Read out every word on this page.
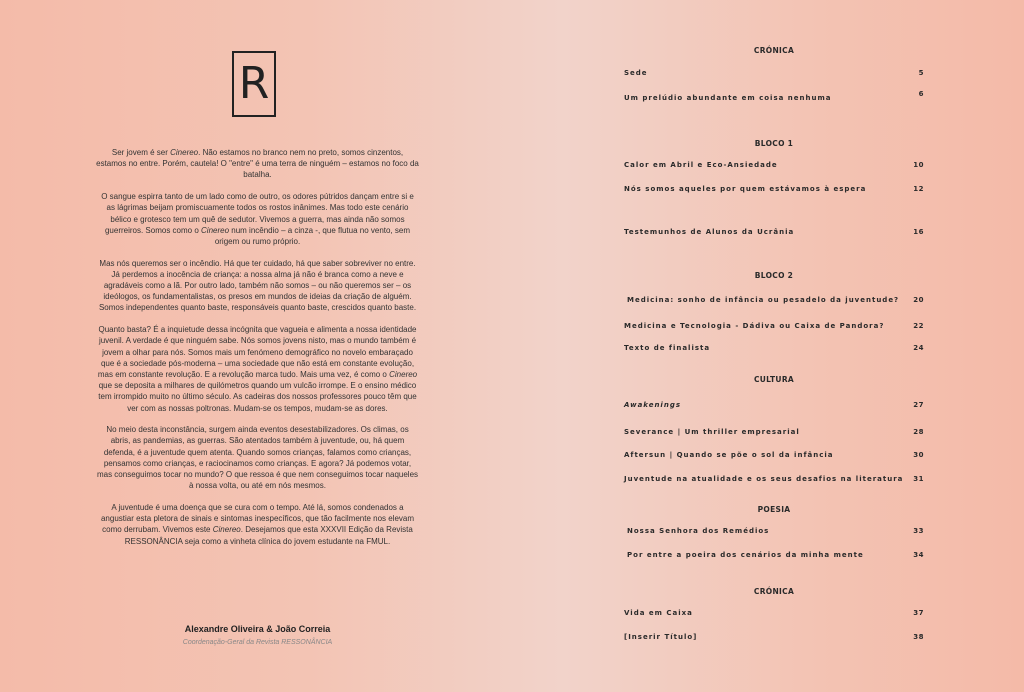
R

Ser jovem é ser Cinereo. Não estamos no branco nem no preto, somos cinzentos, estamos no entre. Porém, cautela! O "entre" é uma terra de ninguém – estamos no foco da batalha.

O sangue espirra tanto de um lado como de outro, os odores pútridos dançam entre si e as lágrimas beijam promiscuamente todos os rostos inânimes. Mas todo este cenário bélico e grotesco tem um quê de sedutor. Vivemos a guerra, mas ainda não somos guerreiros. Somos como o Cinereo num incêndio – a cinza -, que flutua no vento, sem origem ou rumo próprio.

Mas nós queremos ser o incêndio. Há que ter cuidado, há que saber sobreviver no entre. Já perdemos a inocência de criança: a nossa alma já não é branca como a neve e agradáveis como a lã. Por outro lado, também não somos – ou não queremos ser – os ideólogos, os fundamentalistas, os presos em mundos de ideias da criação de alguém. Somos independentes quanto baste, responsáveis quanto baste, crescidos quanto baste.

Quanto basta? É a inquietude dessa incógnita que vagueia e alimenta a nossa identidade juvenil. A verdade é que ninguém sabe. Nós somos jovens nisto, mas o mundo também é jovem a olhar para nós. Somos mais um fenómeno demográfico no novelo embaraçado que é a sociedade pós-moderna – uma sociedade que não está em constante evolução, mas em constante revolução. E a revolução marca tudo. Mais uma vez, é como o Cinereo que se deposita a milhares de quilómetros quando um vulcão irrompe. E o ensino médico tem irrompido muito no último século. As cadeiras dos nossos professores pouco têm que ver com as nossas poltronas. Mudam-se os tempos, mudam-se as dores.

No meio desta inconstância, surgem ainda eventos desestabilizadores. Os climas, os abris, as pandemias, as guerras. São atentados também à juventude, ou, há quem defenda, é a juventude quem atenta. Quando somos crianças, falamos como crianças, pensamos como crianças, e raciocinamos como crianças. E agora? Já podemos votar, mas conseguimos tocar no mundo? O que ressoa é que nem conseguimos tocar naqueles à nossa volta, ou até em nós mesmos.

A juventude é uma doença que se cura com o tempo. Até lá, somos condenados a angustiar esta pletora de sinais e sintomas inespecíficos, que tão facilmente nos elevam como derrubam. Vivemos este Cinereo. Desejamos que esta XXXVII Edição da Revista RESSONÂNCIA seja como a vinheta clínica do jovem estudante na FMUL.

Alexandre Oliveira & João Correia
Coordenação-Geral da Revista RESSONÂNCIA
CRÓNICA
Sede	5
Um prelúdio abundante em coisa nenhuma	6
BLOCO 1
Calor em Abril e Eco-Ansiedade	10
Nós somos aqueles por quem estávamos à espera	12
Testemunhos de Alunos da Ucrânia	16
BLOCO 2
Medicina: sonho de infância ou pesadelo da juventude? 20
Medicina e Tecnologia - Dádiva ou Caixa de Pandora?	22
Texto de finalista	24
CULTURA
Awakenings	27
Severance | Um thriller empresarial	28
Aftersun | Quando se põe o sol da infância	30
Juventude na atualidade e os seus desafios na literatura 31
POESIA
Nossa Senhora dos Remédios	33
Por entre a poeira dos cenários da minha mente	34
CRÓNICA
Vida em Caixa	37
[Inserir Título]	38
